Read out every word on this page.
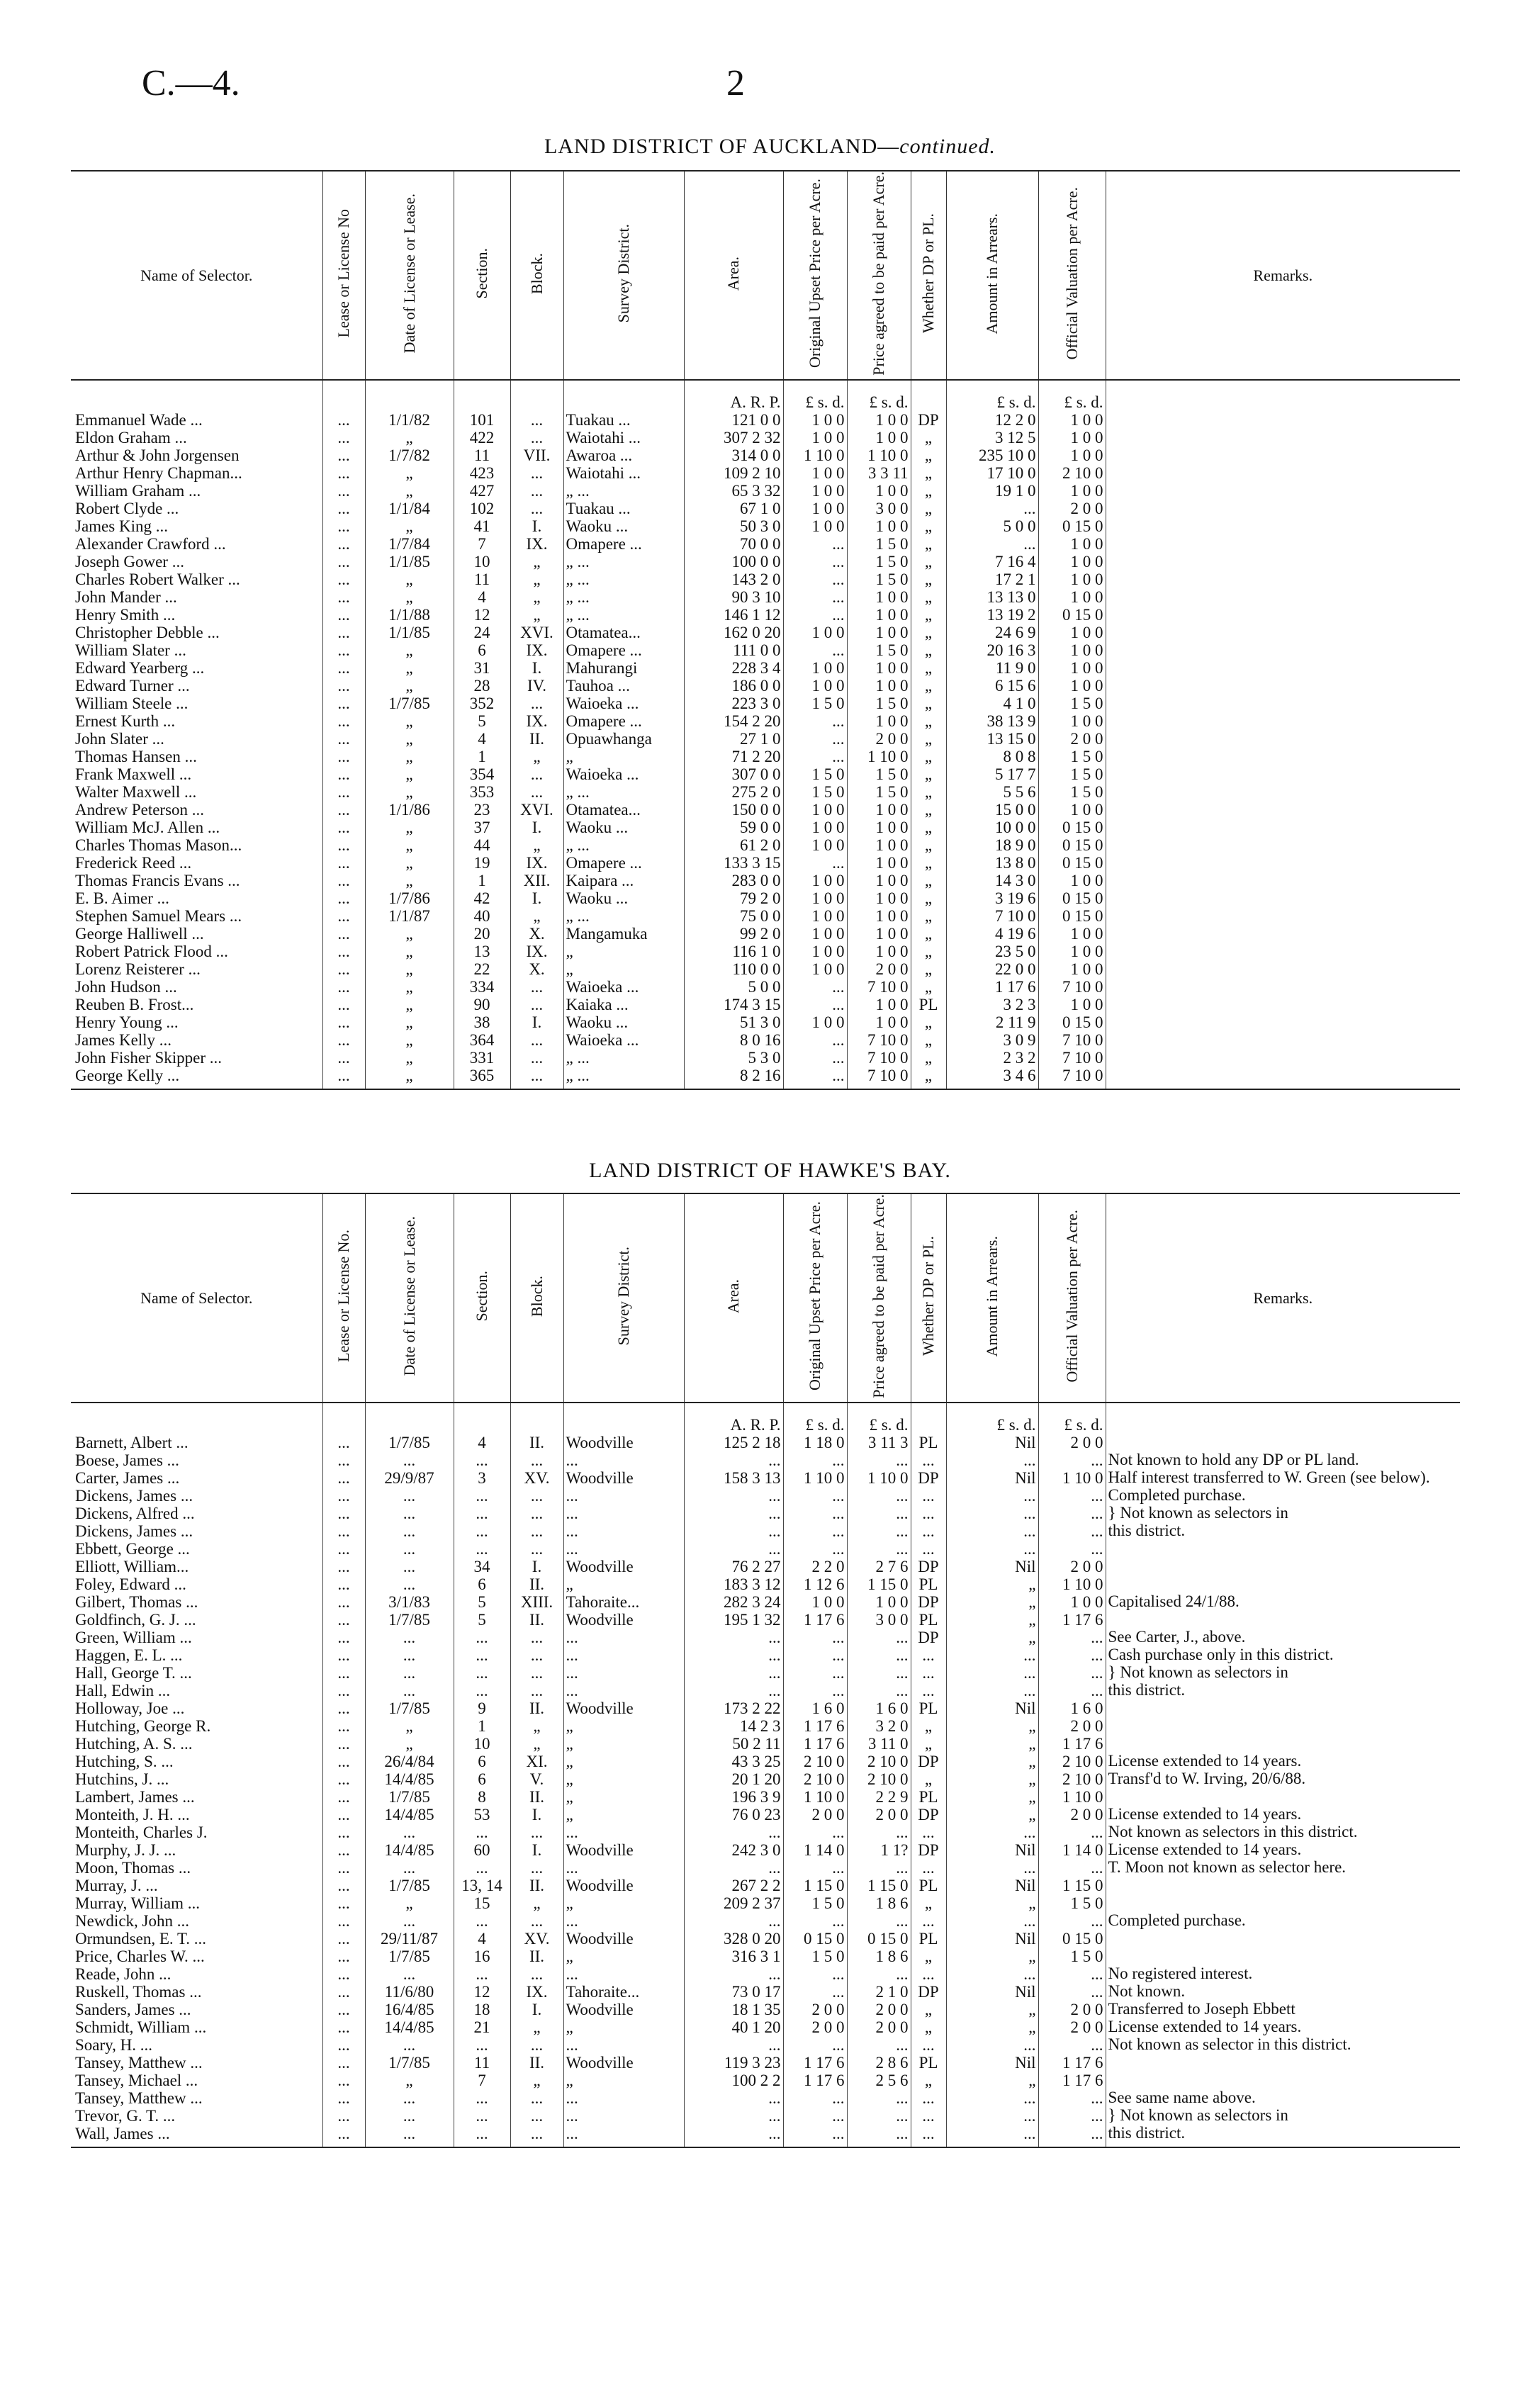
C.—4.	2
LAND DISTRICT OF AUCKLAND—continued.
Name of Selector.	Lease or License No	Date of License or Lease.	Section.	Block.	Survey District.	Area.	Original Upset Price per Acre.	Price agreed to be paid per Acre.	Whether DP or PL.	Amount in Arrears.	Official Valuation per Acre.	Remarks.
						A. R. P.	£ s. d.	£ s. d.		£ s. d.	£ s. d.	
Emmanuel Wade ...	...	1/1/82	101	...	Tuakau ...	121 0 0	1 0 0	1 0 0	DP	12 2 0	1 0 0	
Eldon Graham ...	...	„	422	...	Waiotahi ...	307 2 32	1 0 0	1 0 0	„	3 12 5	1 0 0	
Arthur & John Jorgensen	...	1/7/82	11	VII.	Awaroa ...	314 0 0	1 10 0	1 10 0	„	235 10 0	1 0 0	
Arthur Henry Chapman...	...	„	423	...	Waiotahi ...	109 2 10	1 0 0	3 3 11	„	17 10 0	2 10 0	
William Graham ...	...	„	427	...	„ ...	65 3 32	1 0 0	1 0 0	„	19 1 0	1 0 0	
Robert Clyde ...	...	1/1/84	102	...	Tuakau ...	67 1 0	1 0 0	3 0 0	„	...	2 0 0	
James King ...	...	„	41	I.	Waoku ...	50 3 0	1 0 0	1 0 0	„	5 0 0	0 15 0	
Alexander Crawford ...	...	1/7/84	7	IX.	Omapere ...	70 0 0	...	1 5 0	„	...	1 0 0	
Joseph Gower ...	...	1/1/85	10	„	„ ...	100 0 0	...	1 5 0	„	7 16 4	1 0 0	
Charles Robert Walker ...	...	„	11	„	„ ...	143 2 0	...	1 5 0	„	17 2 1	1 0 0	
John Mander ...	...	„	4	„	„ ...	90 3 10	...	1 0 0	„	13 13 0	1 0 0	
Henry Smith ...	...	1/1/88	12	„	„ ...	146 1 12	...	1 0 0	„	13 19 2	0 15 0	
Christopher Debble ...	...	1/1/85	24	XVI.	Otamatea...	162 0 20	1 0 0	1 0 0	„	24 6 9	1 0 0	
William Slater ...	...	„	6	IX.	Omapere ...	111 0 0	...	1 5 0	„	20 16 3	1 0 0	
Edward Yearberg ...	...	„	31	I.	Mahurangi	228 3 4	1 0 0	1 0 0	„	11 9 0	1 0 0	
Edward Turner ...	...	„	28	IV.	Tauhoa ...	186 0 0	1 0 0	1 0 0	„	6 15 6	1 0 0	
William Steele ...	...	1/7/85	352	...	Waioeka ...	223 3 0	1 5 0	1 5 0	„	4 1 0	1 5 0	
Ernest Kurth ...	...	„	5	IX.	Omapere ...	154 2 20	...	1 0 0	„	38 13 9	1 0 0	
John Slater ...	...	„	4	II.	Opuawhanga	27 1 0	...	2 0 0	„	13 15 0	2 0 0	
Thomas Hansen ...	...	„	1	„	„	71 2 20	...	1 10 0	„	8 0 8	1 5 0	
Frank Maxwell ...	...	„	354	...	Waioeka ...	307 0 0	1 5 0	1 5 0	„	5 17 7	1 5 0	
Walter Maxwell ...	...	„	353	...	„ ...	275 2 0	1 5 0	1 5 0	„	5 5 6	1 5 0	
Andrew Peterson ...	...	1/1/86	23	XVI.	Otamatea...	150 0 0	1 0 0	1 0 0	„	15 0 0	1 0 0	
William McJ. Allen ...	...	„	37	I.	Waoku ...	59 0 0	1 0 0	1 0 0	„	10 0 0	0 15 0	
Charles Thomas Mason...	...	„	44	„	„ ...	61 2 0	1 0 0	1 0 0	„	18 9 0	0 15 0	
Frederick Reed ...	...	„	19	IX.	Omapere ...	133 3 15	...	1 0 0	„	13 8 0	0 15 0	
Thomas Francis Evans ...	...	„	1	XII.	Kaipara ...	283 0 0	1 0 0	1 0 0	„	14 3 0	1 0 0	
E. B. Aimer ...	...	1/7/86	42	I.	Waoku ...	79 2 0	1 0 0	1 0 0	„	3 19 6	0 15 0	
Stephen Samuel Mears ...	...	1/1/87	40	„	„ ...	75 0 0	1 0 0	1 0 0	„	7 10 0	0 15 0	
George Halliwell ...	...	„	20	X.	Mangamuka	99 2 0	1 0 0	1 0 0	„	4 19 6	1 0 0	
Robert Patrick Flood ...	...	„	13	IX.	„	116 1 0	1 0 0	1 0 0	„	23 5 0	1 0 0	
Lorenz Reisterer ...	...	„	22	X.	„	110 0 0	1 0 0	2 0 0	„	22 0 0	1 0 0	
John Hudson ...	...	„	334	...	Waioeka ...	5 0 0	...	7 10 0	„	1 17 6	7 10 0	
Reuben B. Frost...	...	„	90	...	Kaiaka ...	174 3 15	...	1 0 0	PL	3 2 3	1 0 0	
Henry Young ...	...	„	38	I.	Waoku ...	51 3 0	1 0 0	1 0 0	„	2 11 9	0 15 0	
James Kelly ...	...	„	364	...	Waioeka ...	8 0 16	...	7 10 0	„	3 0 9	7 10 0	
John Fisher Skipper ...	...	„	331	...	„ ...	5 3 0	...	7 10 0	„	2 3 2	7 10 0	
George Kelly ...	...	„	365	...	„ ...	8 2 16	...	7 10 0	„	3 4 6	7 10 0	
LAND DISTRICT OF HAWKE'S BAY.
Name of Selector.	Lease or License No.	Date of License or Lease.	Section.	Block.	Survey District.	Area.	Original Upset Price per Acre.	Price agreed to be paid per Acre.	Whether DP or PL.	Amount in Arrears.	Official Valuation per Acre.	Remarks.
						A. R. P.	£ s. d.	£ s. d.		£ s. d.	£ s. d.	
Barnett, Albert ...	...	1/7/85	4	II.	Woodville	125 2 18	1 18 0	3 11 3	PL	Nil	2 0 0	
Boese, James ...	...	...	...	...	...	...	...	...	...	...	...	Not known to hold any DP or PL land.
Carter, James ...	...	29/9/87	3	XV.	Woodville	158 3 13	1 10 0	1 10 0	DP	Nil	1 10 0	Half interest transferred to W. Green (see below).
Dickens, James ...	...	...	...	...	...	...	...	...	...	...	...	Completed purchase.
Dickens, Alfred ...	...	...	...	...	...	...	...	...	...	...	...	} Not known as selectors in
Dickens, James ...	...	...	...	...	...	...	...	...	...	...	...	this district.
Ebbett, George ...	...	...	...	...	...	...	...	...	...	...	...	
Elliott, William...	...	...	34	I.	Woodville	76 2 27	2 2 0	2 7 6	DP	Nil	2 0 0	
Foley, Edward ...	...	...	6	II.	„	183 3 12	1 12 6	1 15 0	PL	„	1 10 0	
Gilbert, Thomas ...	...	3/1/83	5	XIII.	Tahoraite...	282 3 24	1 0 0	1 0 0	DP	„	1 0 0	Capitalised 24/1/88.
Goldfinch, G. J. ...	...	1/7/85	5	II.	Woodville	195 1 32	1 17 6	3 0 0	PL	„	1 17 6	
Green, William ...	...	...	...	...	...	...	...	...	DP	„	...	See Carter, J., above.
Haggen, E. L. ...	...	...	...	...	...	...	...	...	...	...	...	Cash purchase only in this district.
Hall, George T. ...	...	...	...	...	...	...	...	...	...	...	...	} Not known as selectors in
Hall, Edwin ...	...	...	...	...	...	...	...	...	...	...	...	this district.
Holloway, Joe ...	...	1/7/85	9	II.	Woodville	173 2 22	1 6 0	1 6 0	PL	Nil	1 6 0	
Hutching, George R.	...	„	1	„	„	14 2 3	1 17 6	3 2 0	„	„	2 0 0	
Hutching, A. S. ...	...	„	10	„	„	50 2 11	1 17 6	3 11 0	„	„	1 17 6	
Hutching, S. ...	...	26/4/84	6	XI.	„	43 3 25	2 10 0	2 10 0	DP	„	2 10 0	License extended to 14 years.
Hutchins, J. ...	...	14/4/85	6	V.	„	20 1 20	2 10 0	2 10 0	„	„	2 10 0	Transf'd to W. Irving, 20/6/88.
Lambert, James ...	...	1/7/85	8	II.	„	196 3 9	1 10 0	2 2 9	PL	„	1 10 0	
Monteith, J. H. ...	...	14/4/85	53	I.	„	76 0 23	2 0 0	2 0 0	DP	„	2 0 0	License extended to 14 years.
Monteith, Charles J.	...	...	...	...	...	...	...	...	...	...	...	Not known as selectors in this district.
Murphy, J. J. ...	...	14/4/85	60	I.	Woodville	242 3 0	1 14 0	1 1?	DP	Nil	1 14 0	License extended to 14 years.
Moon, Thomas ...	...	...	...	...	...	...	...	...	...	...	...	T. Moon not known as selector here.
Murray, J. ...	...	1/7/85	13, 14	II.	Woodville	267 2 2	1 15 0	1 15 0	PL	Nil	1 15 0	
Murray, William ...	...	„	15	„	„	209 2 37	1 5 0	1 8 6	„	„	1 5 0	
Newdick, John ...	...	...	...	...	...	...	...	...	...	...	...	Completed purchase.
Ormundsen, E. T. ...	...	29/11/87	4	XV.	Woodville	328 0 20	0 15 0	0 15 0	PL	Nil	0 15 0	
Price, Charles W. ...	...	1/7/85	16	II.	„	316 3 1	1 5 0	1 8 6	„	„	1 5 0	
Reade, John ...	...	...	...	...	...	...	...	...	...	...	...	No registered interest.
Ruskell, Thomas ...	...	11/6/80	12	IX.	Tahoraite...	73 0 17	...	2 1 0	DP	Nil	...	Not known.
Sanders, James ...	...	16/4/85	18	I.	Woodville	18 1 35	2 0 0	2 0 0	„	„	2 0 0	Transferred to Joseph Ebbett
Schmidt, William ...	...	14/4/85	21	„	„	40 1 20	2 0 0	2 0 0	„	„	2 0 0	License extended to 14 years.
Soary, H. ...	...	...	...	...	...	...	...	...	...	...	...	Not known as selector in this district.
Tansey, Matthew ...	...	1/7/85	11	II.	Woodville	119 3 23	1 17 6	2 8 6	PL	Nil	1 17 6	
Tansey, Michael ...	...	„	7	„	„	100 2 2	1 17 6	2 5 6	„	„	1 17 6	
Tansey, Matthew ...	...	...	...	...	...	...	...	...	...	...	...	See same name above.
Trevor, G. T. ...	...	...	...	...	...	...	...	...	...	...	...	} Not known as selectors in
Wall, James ...	...	...	...	...	...	...	...	...	...	...	...	this district.
